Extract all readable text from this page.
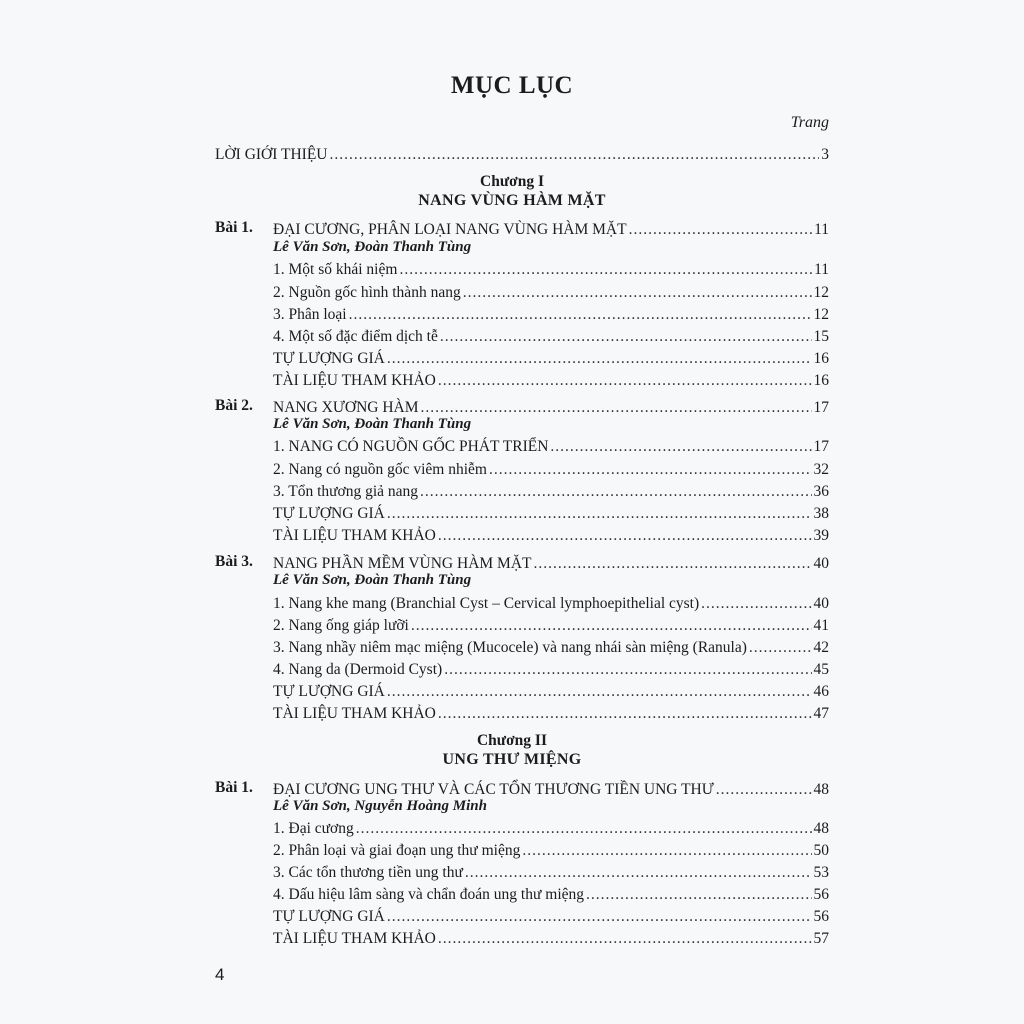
MỤC LỤC
Trang
LỜI GIỚI THIỆU .....	3
Chương I
NANG VÙNG HÀM MẶT
Bài 1. ĐẠI CƯƠNG, PHÂN LOẠI NANG VÙNG HÀM MẶT .....	11
Lê Văn Sơn, Đoàn Thanh Tùng
1. Một số khái niệm .....	11
2. Nguồn gốc hình thành nang .....	12
3. Phân loại .....	12
4. Một số đặc điểm dịch tễ .....	15
TỰ LƯỢNG GIÁ .....	16
TÀI LIỆU THAM KHẢO .....	16
Bài 2. NANG XƯƠNG HÀM .....	17
Lê Văn Sơn, Đoàn Thanh Tùng
1. NANG CÓ NGUỒN GỐC PHÁT TRIỂN .....	17
2. Nang có nguồn gốc viêm nhiễm .....	32
3. Tổn thương giả nang .....	36
TỰ LƯỢNG GIÁ .....	38
TÀI LIỆU THAM KHẢO .....	39
Bài 3. NANG PHẦN MỀM VÙNG HÀM MẶT .....	40
Lê Văn Sơn, Đoàn Thanh Tùng
1. Nang khe mang (Branchial Cyst – Cervical lymphoepithelial cyst) .....	40
2. Nang ống giáp lưỡi .....	41
3. Nang nhầy niêm mạc miệng (Mucocele) và nang nhái sàn miệng (Ranula) .....	42
4. Nang da (Dermoid Cyst) .....	45
TỰ LƯỢNG GIÁ .....	46
TÀI LIỆU THAM KHẢO .....	47
Chương II
UNG THƯ MIỆNG
Bài 1. ĐẠI CƯƠNG UNG THƯ VÀ CÁC TỔN THƯƠNG TIỀN UNG THƯ .....	48
Lê Văn Sơn, Nguyễn Hoàng Minh
1. Đại cương .....	48
2. Phân loại và giai đoạn ung thư miệng .....	50
3. Các tổn thương tiền ung thư .....	53
4. Dấu hiệu lâm sàng và chẩn đoán ung thư miệng .....	56
TỰ LƯỢNG GIÁ .....	56
TÀI LIỆU THAM KHẢO .....	57
4
